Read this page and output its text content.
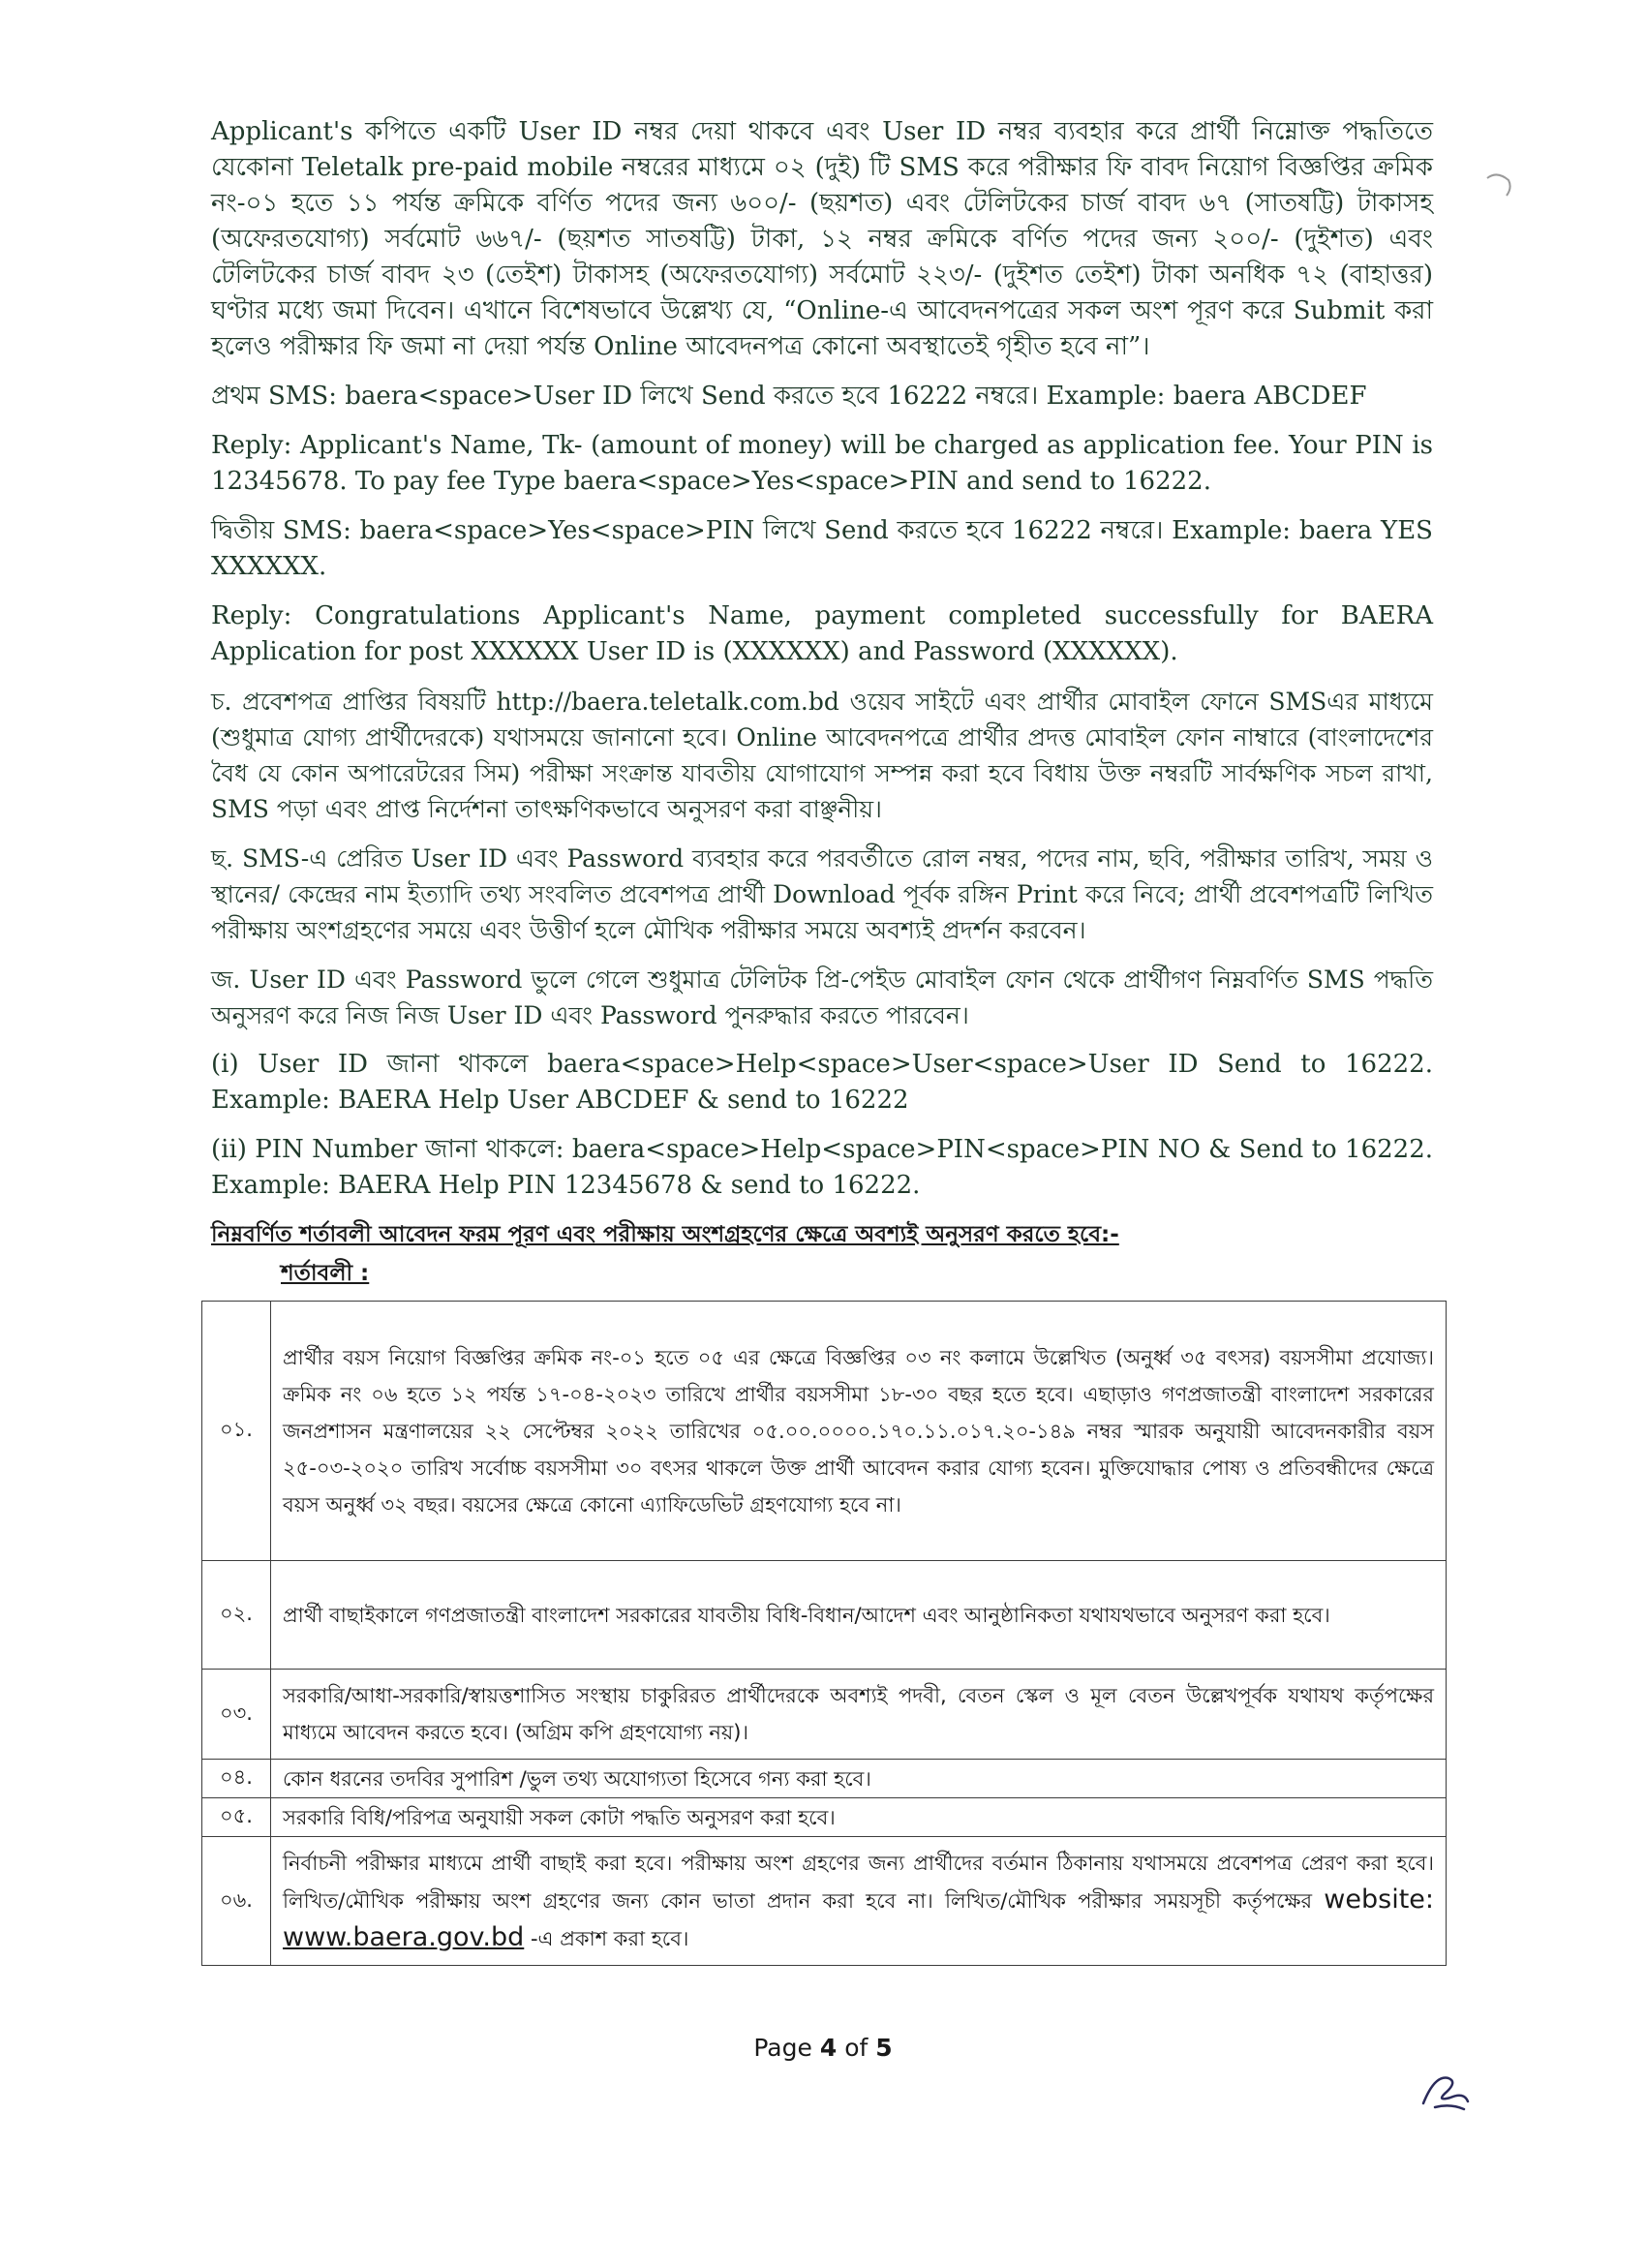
Applicant's কপিতে একটি User ID নম্বর দেয়া থাকবে এবং User ID নম্বর ব্যবহার করে প্রার্থী নিম্নোক্ত পদ্ধতিতে যেকোনা Teletalk pre-paid mobile নম্বরের মাধ্যমে ০২ (দুই) টি SMS করে পরীক্ষার ফি বাবদ নিয়োগ বিজ্ঞপ্তির ক্রমিক নং-০১ হতে ১১ পর্যন্ত ক্রমিকে বর্ণিত পদের জন্য ৬০০/- (ছয়শত) এবং টেলিটকের চার্জ বাবদ ৬৭ (সাতষট্টি) টাকাসহ (অফেরতযোগ্য) সর্বমোট ৬৬৭/- (ছয়শত সাতষট্টি) টাকা, ১২ নম্বর ক্রমিকে বর্ণিত পদের জন্য ২০০/- (দুইশত) এবং টেলিটকের চার্জ বাবদ ২৩ (তেইশ) টাকাসহ (অফেরতযোগ্য) সর্বমোট ২২৩/- (দুইশত তেইশ) টাকা অনধিক ৭২ (বাহাত্তর) ঘণ্টার মধ্যে জমা দিবেন। এখানে বিশেষভাবে উল্লেখ্য যে, “Online-এ আবেদনপত্রের সকল অংশ পূরণ করে Submit করা হলেও পরীক্ষার ফি জমা না দেয়া পর্যন্ত Online আবেদনপত্র কোনো অবস্থাতেই গৃহীত হবে না”।

প্রথম SMS: baera<space>User ID লিখে Send করতে হবে 16222 নম্বরে। Example: baera ABCDEF

Reply: Applicant's Name, Tk- (amount of money) will be charged as application fee. Your PIN is 12345678. To pay fee Type baera<space>Yes<space>PIN and send to 16222.

দ্বিতীয় SMS: baera<space>Yes<space>PIN লিখে Send করতে হবে 16222 নম্বরে। Example: baera YES XXXXXX.

Reply: Congratulations Applicant's Name, payment completed successfully for BAERA Application for post XXXXXX User ID is (XXXXXX) and Password (XXXXXX).

চ. প্রবেশপত্র প্রাপ্তির বিষয়টি http://baera.teletalk.com.bd ওয়েব সাইটে এবং প্রার্থীর মোবাইল ফোনে SMSএর মাধ্যমে (শুধুমাত্র যোগ্য প্রার্থীদেরকে) যথাসময়ে জানানো হবে। Online আবেদনপত্রে প্রার্থীর প্রদত্ত মোবাইল ফোন নাম্বারে (বাংলাদেশের বৈধ যে কোন অপারেটরের সিম) পরীক্ষা সংক্রান্ত যাবতীয় যোগাযোগ সম্পন্ন করা হবে বিধায় উক্ত নম্বরটি সার্বক্ষণিক সচল রাখা, SMS পড়া এবং প্রাপ্ত নির্দেশনা তাৎক্ষণিকভাবে অনুসরণ করা বাঞ্ছনীয়।

ছ. SMS-এ প্রেরিত User ID এবং Password ব্যবহার করে পরবর্তীতে রোল নম্বর, পদের নাম, ছবি, পরীক্ষার তারিখ, সময় ও স্থানের/ কেন্দ্রের নাম ইত্যাদি তথ্য সংবলিত প্রবেশপত্র প্রার্থী Download পূর্বক রঙ্গিন Print করে নিবে; প্রার্থী প্রবেশপত্রটি লিখিত পরীক্ষায় অংশগ্রহণের সময়ে এবং উত্তীর্ণ হলে মৌখিক পরীক্ষার সময়ে অবশ্যই প্রদর্শন করবেন।

জ. User ID এবং Password ভুলে গেলে শুধুমাত্র টেলিটক প্রি-পেইড মোবাইল ফোন থেকে প্রার্থীগণ নিম্নবর্ণিত SMS পদ্ধতি অনুসরণ করে নিজ নিজ User ID এবং Password পুনরুদ্ধার করতে পারবেন।

(i) User ID জানা থাকলে baera<space>Help<space>User<space>User ID Send to 16222. Example: BAERA Help User ABCDEF & send to 16222

(ii) PIN Number জানা থাকলে: baera<space>Help<space>PIN<space>PIN NO & Send to 16222. Example: BAERA Help PIN 12345678 & send to 16222.

নিম্নবর্ণিত শর্তাবলী আবেদন ফরম পূরণ এবং পরীক্ষায় অংশগ্রহণের ক্ষেত্রে অবশ্যই অনুসরণ করতে হবে:-

শর্তাবলী :

০১.	প্রার্থীর বয়স নিয়োগ বিজ্ঞপ্তির ক্রমিক নং-০১ হতে ০৫ এর ক্ষেত্রে বিজ্ঞপ্তির ০৩ নং কলামে উল্লেখিত (অনুর্ধ্ব ৩৫ বৎসর) বয়সসীমা প্রযোজ্য। ক্রমিক নং ০৬ হতে ১২ পর্যন্ত ১৭-০৪-২০২৩ তারিখে প্রার্থীর বয়সসীমা ১৮-৩০ বছর হতে হবে। এছাড়াও গণপ্রজাতন্ত্রী বাংলাদেশ সরকারের জনপ্রশাসন মন্ত্রণালয়ের ২২ সেপ্টেম্বর ২০২২ তারিখের ০৫.০০.০০০০.১৭০.১১.০১৭.২০-১৪৯ নম্বর স্মারক অনুযায়ী আবেদনকারীর বয়স ২৫-০৩-২০২০ তারিখ সর্বোচ্চ বয়সসীমা ৩০ বৎসর থাকলে উক্ত প্রার্থী আবেদন করার যোগ্য হবেন। মুক্তিযোদ্ধার পোষ্য ও প্রতিবন্ধীদের ক্ষেত্রে বয়স অনুর্ধ্ব ৩২ বছর। বয়সের ক্ষেত্রে কোনো এ্যাফিডেভিট গ্রহণযোগ্য হবে না।
০২.	প্রার্থী বাছাইকালে গণপ্রজাতন্ত্রী বাংলাদেশ সরকারের যাবতীয় বিধি-বিধান/আদেশ এবং আনুষ্ঠানিকতা যথাযথভাবে অনুসরণ করা হবে।
০৩.	সরকারি/আধা-সরকারি/স্বায়ত্তশাসিত সংস্থায় চাকুরিরত প্রার্থীদেরকে অবশ্যই পদবী, বেতন স্কেল ও মূল বেতন উল্লেখপূর্বক যথাযথ কর্তৃপক্ষের মাধ্যমে আবেদন করতে হবে। (অগ্রিম কপি গ্রহণযোগ্য নয়)।
০৪.	কোন ধরনের তদবির সুপারিশ /ভুল তথ্য অযোগ্যতা হিসেবে গন্য করা হবে।
০৫.	সরকারি বিধি/পরিপত্র অনুযায়ী সকল কোটা পদ্ধতি অনুসরণ করা হবে।
০৬.	নির্বাচনী পরীক্ষার মাধ্যমে প্রার্থী বাছাই করা হবে। পরীক্ষায় অংশ গ্রহণের জন্য প্রার্থীদের বর্তমান ঠিকানায় যথাসময়ে প্রবেশপত্র প্রেরণ করা হবে। লিখিত/মৌখিক পরীক্ষায় অংশ গ্রহণের জন্য কোন ভাতা প্রদান করা হবে না। লিখিত/মৌখিক পরীক্ষার সময়সূচী কর্তৃপক্ষের website: www.baera.gov.bd -এ প্রকাশ করা হবে।
Page 4 of 5
